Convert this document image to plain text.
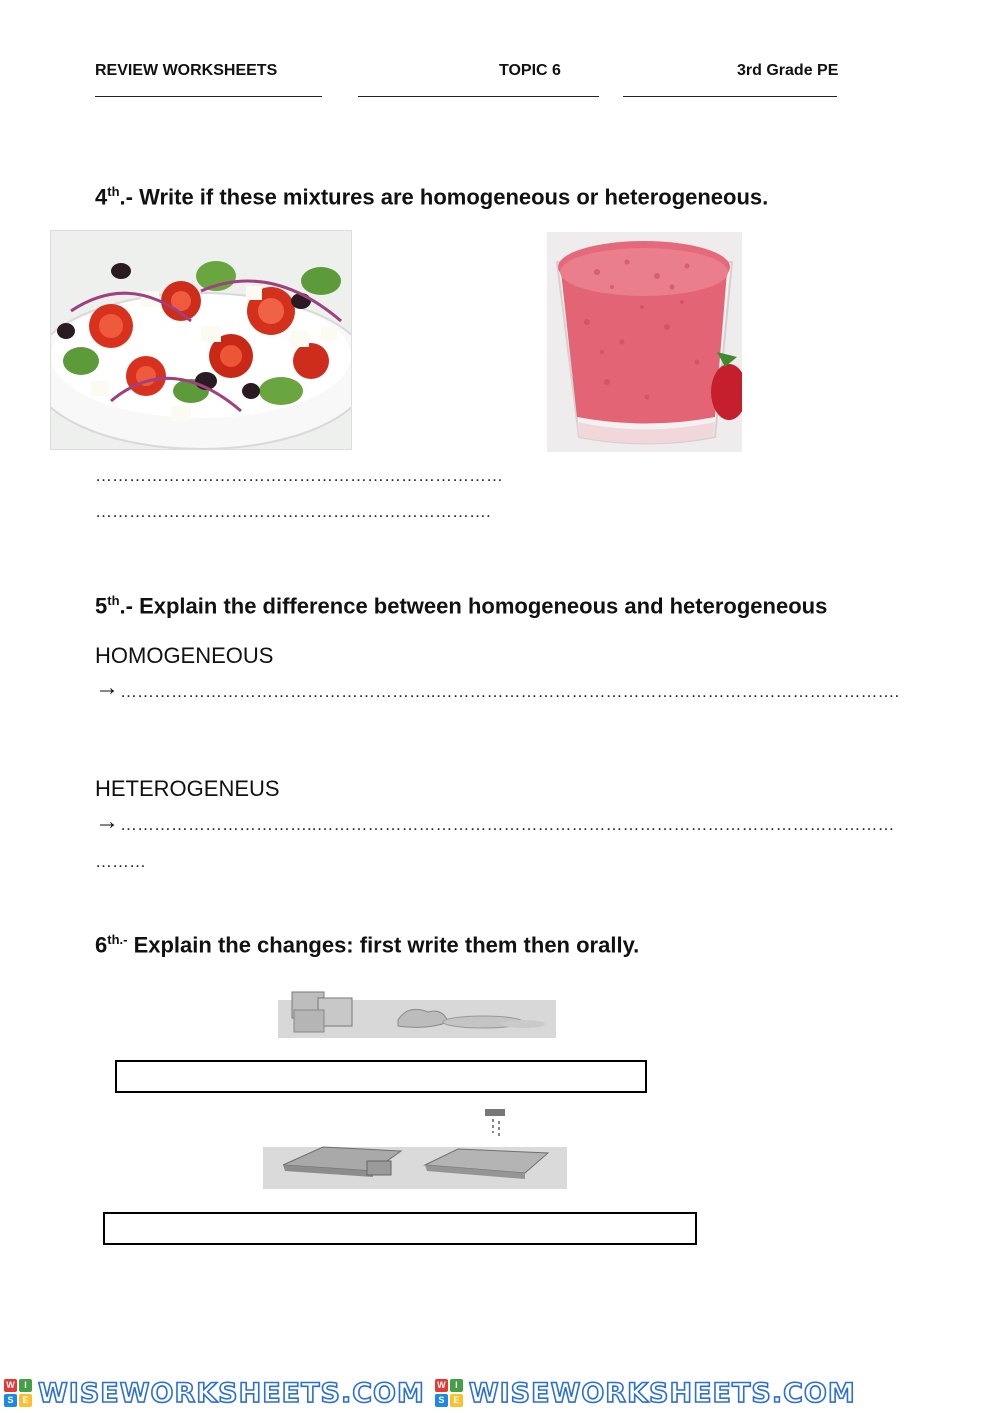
REVIEW WORKSHEETS	TOPIC 6	3rd Grade PE
4th.- Write if these mixtures are homogeneous or heterogeneous.
………………………………………………………………
…………………………………………………………….
5th.- Explain the difference between homogeneous and heterogeneous
HOMOGENEOUS
→ ………………………………………………..……………………………………………………………………….
HETEROGENEUS
→ ……………………………..…………………………………………………………………………………………
………
$6^{th.-}$ Explain the changes: first write them then orally.
W	I
S E WISEWORKSHEETS.COM W	I
S E WISEWORKSHEETS.COM
